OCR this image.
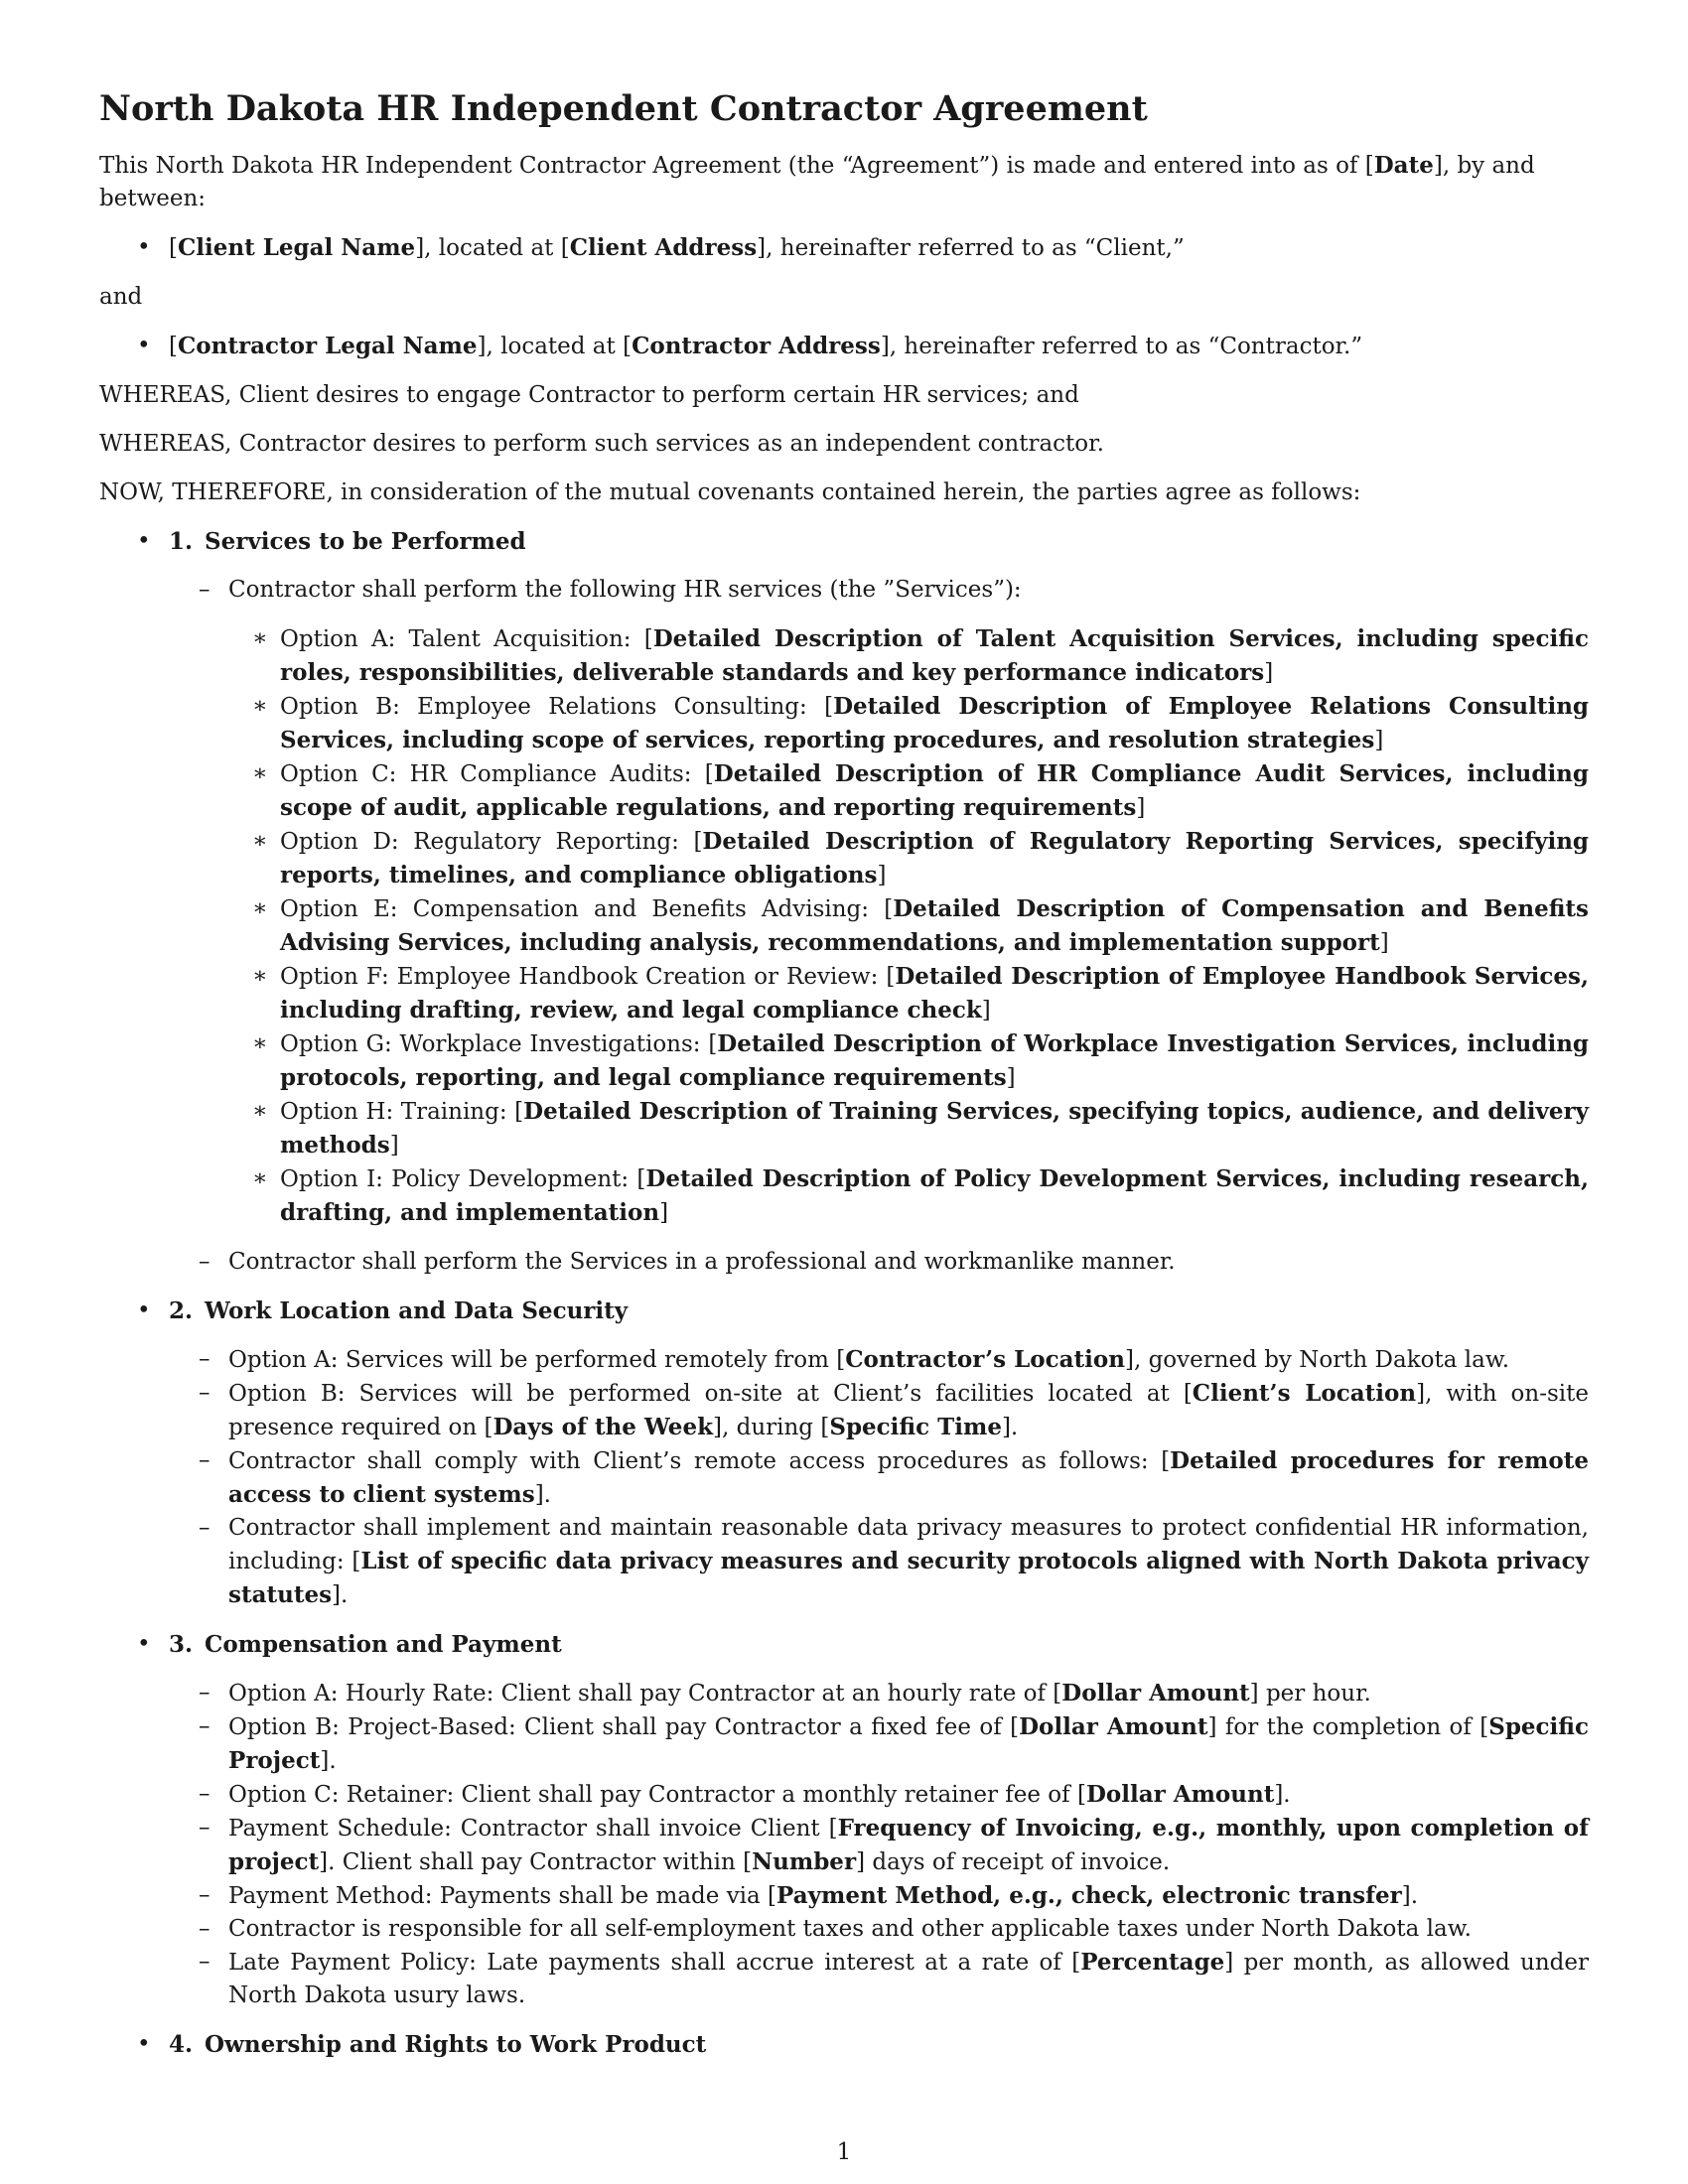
North Dakota HR Independent Contractor Agreement

This North Dakota HR Independent Contractor Agreement (the “Agreement”) is made and entered into as of [Date], by and between:

• [Client Legal Name], located at [Client Address], hereinafter referred to as “Client,”

and

• [Contractor Legal Name], located at [Contractor Address], hereinafter referred to as “Contractor.”

WHEREAS, Client desires to engage Contractor to perform certain HR services; and

WHEREAS, Contractor desires to perform such services as an independent contractor.

NOW, THEREFORE, in consideration of the mutual covenants contained herein, the parties agree as follows:

• 1. Services to be Performed
– Contractor shall perform the following HR services (the ”Services”):
∗ Option A: Talent Acquisition: [Detailed Description of Talent Acquisition Services, including specific roles, responsibilities, deliverable standards and key performance indicators]
∗ Option B: Employee Relations Consulting: [Detailed Description of Employee Relations Consulting Services, including scope of services, reporting procedures, and resolution strategies]
∗ Option C: HR Compliance Audits: [Detailed Description of HR Compliance Audit Services, including scope of audit, applicable regulations, and reporting requirements]
∗ Option D: Regulatory Reporting: [Detailed Description of Regulatory Reporting Services, specifying reports, timelines, and compliance obligations]
∗ Option E: Compensation and Benefits Advising: [Detailed Description of Compensation and Benefits Advising Services, including analysis, recommendations, and implementation support]
∗ Option F: Employee Handbook Creation or Review: [Detailed Description of Employee Handbook Services, including drafting, review, and legal compliance check]
∗ Option G: Workplace Investigations: [Detailed Description of Workplace Investigation Services, including protocols, reporting, and legal compliance requirements]
∗ Option H: Training: [Detailed Description of Training Services, specifying topics, audience, and delivery methods]
∗ Option I: Policy Development: [Detailed Description of Policy Development Services, including research, drafting, and implementation]
– Contractor shall perform the Services in a professional and workmanlike manner.
• 2. Work Location and Data Security
– Option A: Services will be performed remotely from [Contractor’s Location], governed by North Dakota law.
– Option B: Services will be performed on-site at Client’s facilities located at [Client’s Location], with on-site presence required on [Days of the Week], during [Specific Time].
– Contractor shall comply with Client’s remote access procedures as follows: [Detailed procedures for remote access to client systems].
– Contractor shall implement and maintain reasonable data privacy measures to protect confidential HR information, including: [List of specific data privacy measures and security protocols aligned with North Dakota privacy statutes].
• 3. Compensation and Payment
– Option A: Hourly Rate: Client shall pay Contractor at an hourly rate of [Dollar Amount] per hour.
– Option B: Project-Based: Client shall pay Contractor a fixed fee of [Dollar Amount] for the completion of [Specific Project].
– Option C: Retainer: Client shall pay Contractor a monthly retainer fee of [Dollar Amount].
– Payment Schedule: Contractor shall invoice Client [Frequency of Invoicing, e.g., monthly, upon completion of project]. Client shall pay Contractor within [Number] days of receipt of invoice.
– Payment Method: Payments shall be made via [Payment Method, e.g., check, electronic transfer].
– Contractor is responsible for all self-employment taxes and other applicable taxes under North Dakota law.
– Late Payment Policy: Late payments shall accrue interest at a rate of [Percentage] per month, as allowed under North Dakota usury laws.
• 4. Ownership and Rights to Work Product
1
